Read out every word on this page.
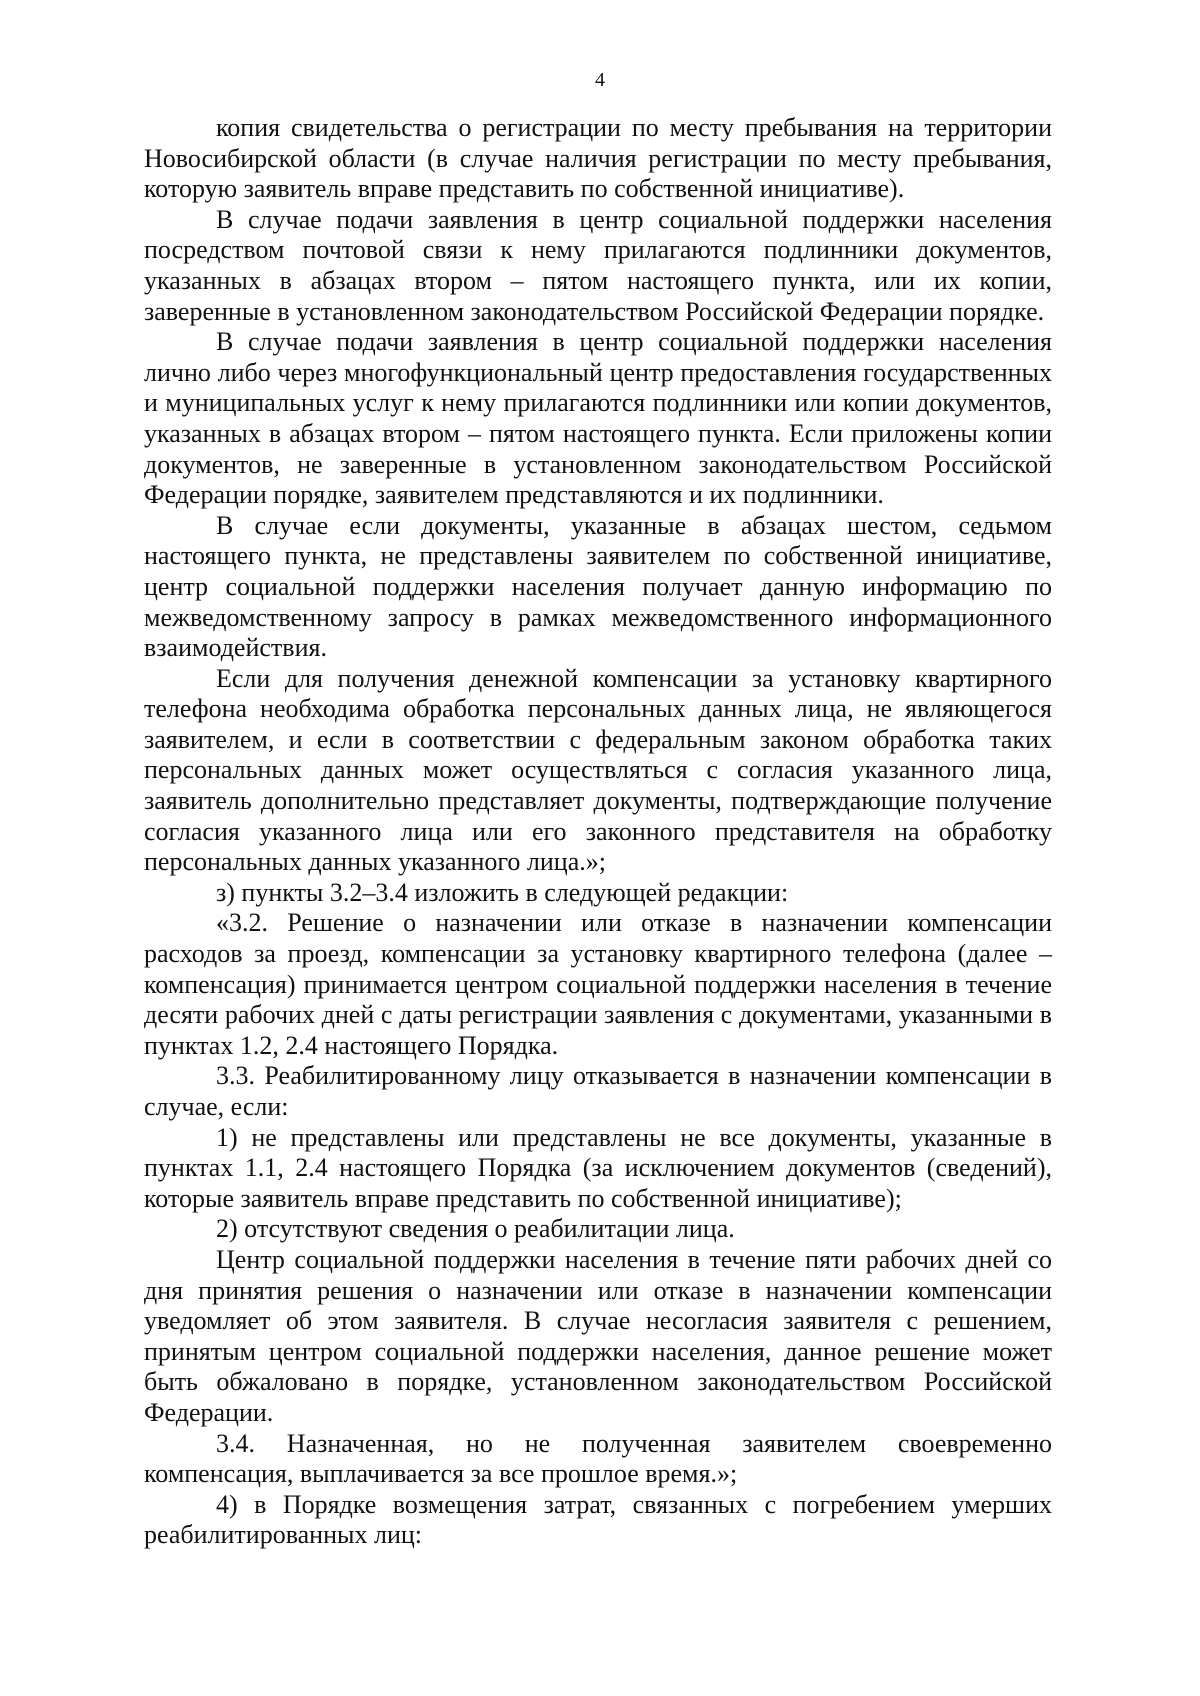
4

копия свидетельства о регистрации по месту пребывания на территории Новосибирской области (в случае наличия регистрации по месту пребывания, которую заявитель вправе представить по собственной инициативе).

В случае подачи заявления в центр социальной поддержки населения посредством почтовой связи к нему прилагаются подлинники документов, указанных в абзацах втором – пятом настоящего пункта, или их копии, заверенные в установленном законодательством Российской Федерации порядке.

В случае подачи заявления в центр социальной поддержки населения лично либо через многофункциональный центр предоставления государственных и муниципальных услуг к нему прилагаются подлинники или копии документов, указанных в абзацах втором – пятом настоящего пункта. Если приложены копии документов, не заверенные в установленном законодательством Российской Федерации порядке, заявителем представляются и их подлинники.

В случае если документы, указанные в абзацах шестом, седьмом настоящего пункта, не представлены заявителем по собственной инициативе, центр социальной поддержки населения получает данную информацию по межведомственному запросу в рамках межведомственного информационного взаимодействия.

Если для получения денежной компенсации за установку квартирного телефона необходима обработка персональных данных лица, не являющегося заявителем, и если в соответствии с федеральным законом обработка таких персональных данных может осуществляться с согласия указанного лица, заявитель дополнительно представляет документы, подтверждающие получение согласия указанного лица или его законного представителя на обработку персональных данных указанного лица.»;

з) пункты 3.2–3.4 изложить в следующей редакции:

«3.2. Решение о назначении или отказе в назначении компенсации расходов за проезд, компенсации за установку квартирного телефона (далее – компенсация) принимается центром социальной поддержки населения в течение десяти рабочих дней с даты регистрации заявления с документами, указанными в пунктах 1.2, 2.4 настоящего Порядка.

3.3. Реабилитированному лицу отказывается в назначении компенсации в случае, если:

1) не представлены или представлены не все документы, указанные в пунктах 1.1, 2.4 настоящего Порядка (за исключением документов (сведений), которые заявитель вправе представить по собственной инициативе);

2) отсутствуют сведения о реабилитации лица.

Центр социальной поддержки населения в течение пяти рабочих дней со дня принятия решения о назначении или отказе в назначении компенсации уведомляет об этом заявителя. В случае несогласия заявителя с решением, принятым центром социальной поддержки населения, данное решение может быть обжаловано в порядке, установленном законодательством Российской Федерации.

3.4. Назначенная, но не полученная заявителем своевременно компенсация, выплачивается за все прошлое время.»;

4) в Порядке возмещения затрат, связанных с погребением умерших реабилитированных лиц:
